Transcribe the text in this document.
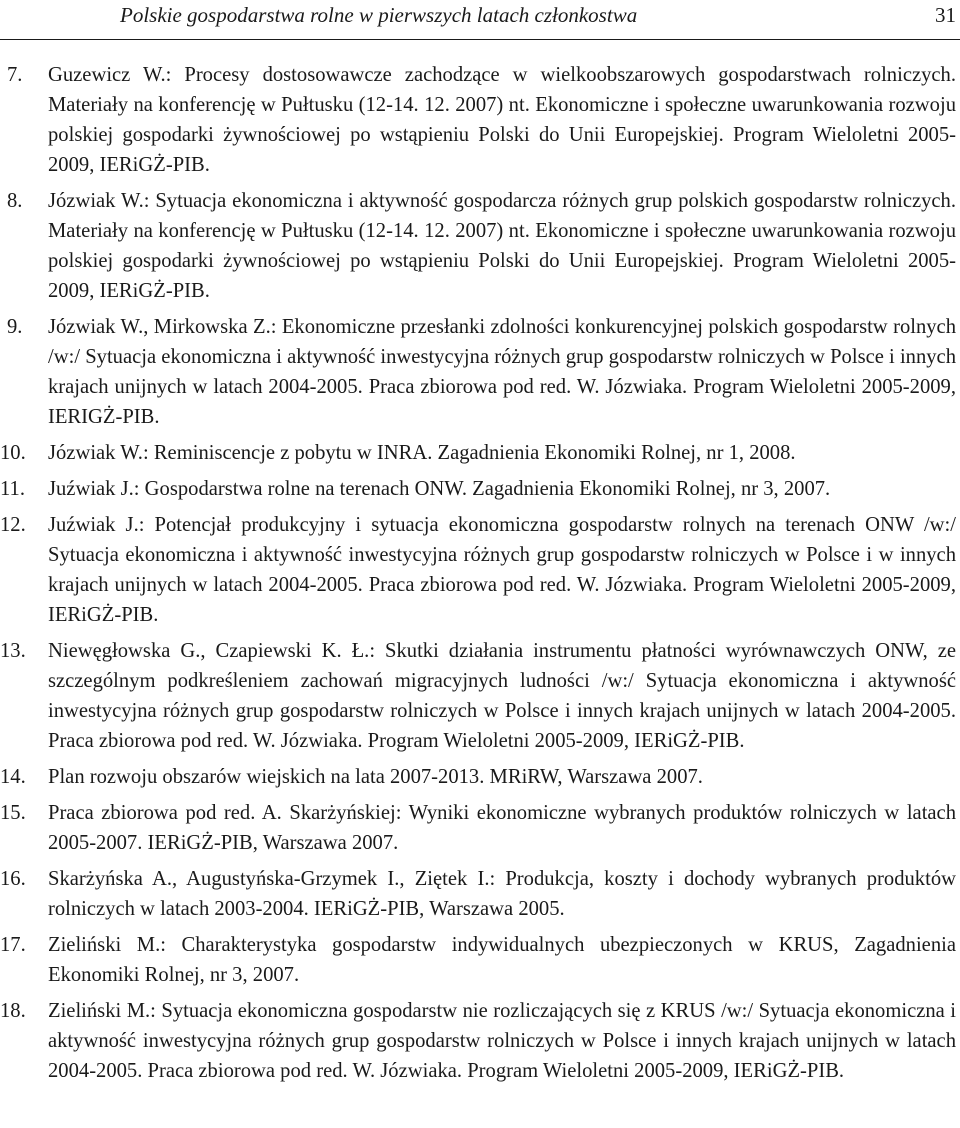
Polskie gospodarstwa rolne w pierwszych latach członkostwa	31
7.	Guzewicz W.: Procesy dostosowawcze zachodzące w wielkoobszarowych gospodarstwach rolniczych. Materiały na konferencję w Pułtusku (12-14. 12. 2007) nt. Ekonomiczne i społeczne uwarunkowania rozwoju polskiej gospodarki żywnościowej po wstąpieniu Polski do Unii Europejskiej. Program Wieloletni 2005-2009, IERiGŻ-PIB.
8.	Józwiak W.: Sytuacja ekonomiczna i aktywność gospodarcza różnych grup polskich gospodarstw rolniczych. Materiały na konferencję w Pułtusku (12-14. 12. 2007) nt. Ekonomiczne i społeczne uwarunkowania rozwoju polskiej gospodarki żywnościowej po wstąpieniu Polski do Unii Europejskiej. Program Wieloletni 2005-2009, IERiGŻ-PIB.
9.	Józwiak W., Mirkowska Z.: Ekonomiczne przesłanki zdolności konkurencyjnej polskich gospodarstw rolnych /w:/ Sytuacja ekonomiczna i aktywność inwestycyjna różnych grup gospodarstw rolniczych w Polsce i innych krajach unijnych w latach 2004-2005. Praca zbiorowa pod red. W. Józwiaka. Program Wieloletni 2005-2009, IERIGŻ-PIB.
10.	Józwiak W.: Reminiscencje z pobytu w INRA. Zagadnienia Ekonomiki Rolnej, nr 1, 2008.
11.	Juźwiak J.: Gospodarstwa rolne na terenach ONW. Zagadnienia Ekonomiki Rolnej, nr 3, 2007.
12.	Juźwiak J.: Potencjał produkcyjny i sytuacja ekonomiczna gospodarstw rolnych na terenach ONW /w:/ Sytuacja ekonomiczna i aktywność inwestycyjna różnych grup gospodarstw rolniczych w Polsce i w innych krajach unijnych w latach 2004-2005. Praca zbiorowa pod red. W. Józwiaka. Program Wieloletni 2005-2009, IERiGŻ-PIB.
13.	Niewęgłowska G., Czapiewski K. Ł.: Skutki działania instrumentu płatności wyrównawczych ONW, ze szczególnym podkreśleniem zachowań migracyjnych ludności /w:/ Sytuacja ekonomiczna i aktywność inwestycyjna różnych grup gospodarstw rolniczych w Polsce i innych krajach unijnych w latach 2004-2005. Praca zbiorowa pod red. W. Józwiaka. Program Wieloletni 2005-2009, IERiGŻ-PIB.
14.	Plan rozwoju obszarów wiejskich na lata 2007-2013. MRiRW, Warszawa 2007.
15.	Praca zbiorowa pod red. A. Skarżyńskiej: Wyniki ekonomiczne wybranych produktów rolniczych w latach 2005-2007. IERiGŻ-PIB, Warszawa 2007.
16.	Skarżyńska A., Augustyńska-Grzymek I., Ziętek I.: Produkcja, koszty i dochody wybranych produktów rolniczych w latach 2003-2004. IERiGŻ-PIB, Warszawa 2005.
17.	Zieliński M.: Charakterystyka gospodarstw indywidualnych ubezpieczonych w KRUS, Zagadnienia Ekonomiki Rolnej, nr 3, 2007.
18.	Zieliński M.: Sytuacja ekonomiczna gospodarstw nie rozliczających się z KRUS /w:/ Sytuacja ekonomiczna i aktywność inwestycyjna różnych grup gospodarstw rolniczych w Polsce i innych krajach unijnych w latach 2004-2005. Praca zbiorowa pod red. W. Józwiaka. Program Wieloletni 2005-2009, IERiGŻ-PIB.
